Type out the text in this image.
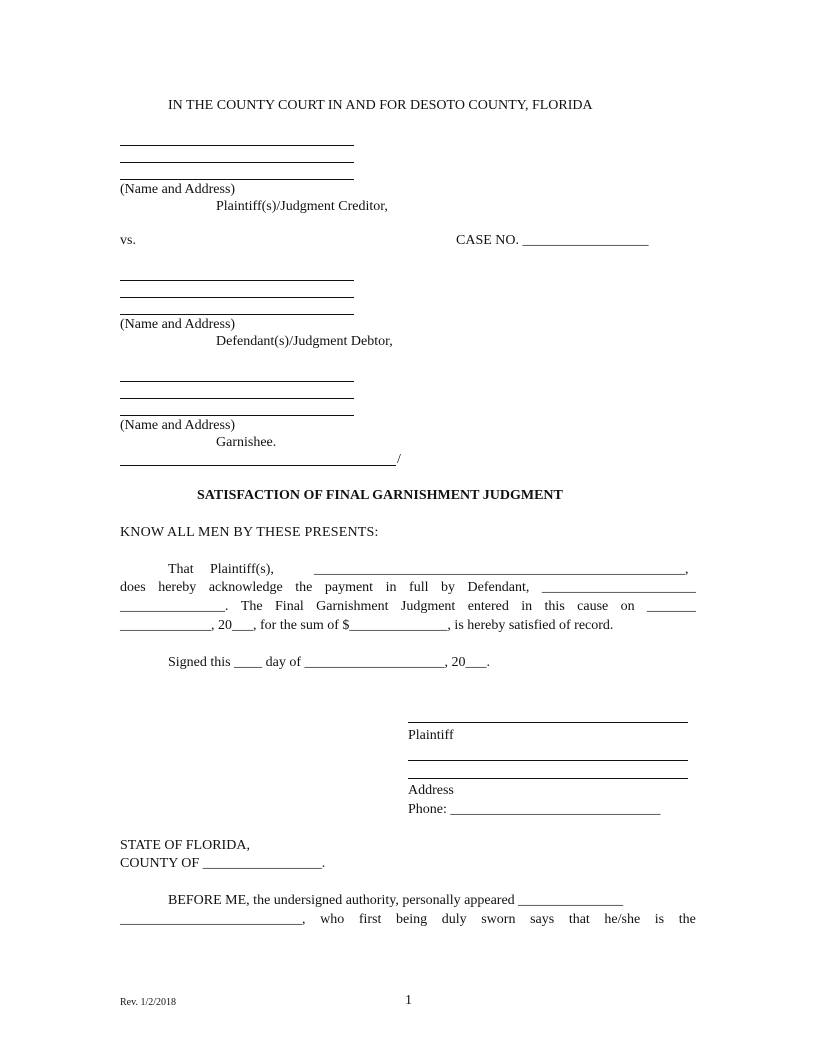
IN THE COUNTY COURT IN AND FOR DESOTO COUNTY, FLORIDA
(Name and Address)
Plaintiff(s)/Judgment Creditor,
vs.	CASE NO. __________________
(Name and Address)
Defendant(s)/Judgment Debtor,
(Name and Address)
Garnishee.
/
SATISFACTION OF FINAL GARNISHMENT JUDGMENT
KNOW ALL MEN BY THESE PRESENTS:
That Plaintiff(s),	_____________________________________________________,
does hereby acknowledge the payment in full by Defendant, ______________________
_______________. The Final Garnishment Judgment entered in this cause on _______
_____________, 20___, for the sum of $______________, is hereby satisfied of record.
Signed this ____ day of ____________________, 20___.
Plaintiff
Address
Phone: ______________________________
STATE OF FLORIDA,
COUNTY OF _________________.
BEFORE ME, the undersigned authority, personally appeared _______________
__________________________, who first being duly sworn says that he/she is the
Rev. 1/2/2018	1
